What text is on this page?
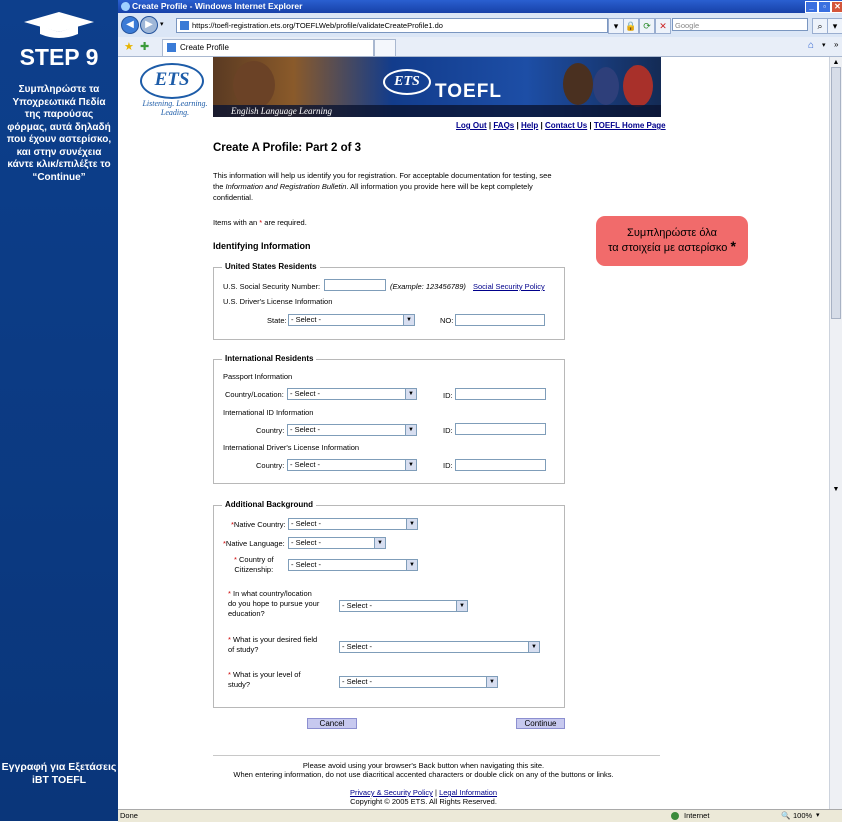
STEP 9
Συμπληρώστε τα Υποχρεωτικά Πεδία της παρούσας φόρμας, αυτά δηλαδή που έχουν αστερίσκο, και στην συνέχεια κάντε κλικ/επιλέξτε το “Continue”
Εγγραφή για Εξετάσεις iBT TOEFL
Create Profile - Windows Internet Explorer	_	▫	✕
◀	▶	▾	https://toefl-registration.ets.org/TOEFLWeb/profile/validateCreateProfile1.do	▾ 🔒 ⟳ ✕	Google	⌕	▾
★ ✚	Create Profile	⌂	▾ »
ETS
Listening. Learning. Leading.
ETS TOEFL
English Language Learning
Log Out | FAQs | Help | Contact Us | TOEFL Home Page
Create A Profile: Part 2 of 3
This information will help us identify you for registration. For acceptable documentation for testing, see
the Information and Registration Bulletin. All information you provide here will be kept completely
confidential.
Items with an * are required.
Identifying Information
United States Residents
U.S. Social Security Number:	(Example: 123456789) Social Security Policy
U.S. Driver's License Information
State: - Select -	▼	NO:
International Residents
Passport Information
Country/Location: - Select -	▼	ID:
International ID Information
Country: - Select -	▼	ID:
International Driver's License Information
Country: - Select -	▼	ID:
Additional Background
*Native Country: - Select -	▼
*Native Language: - Select -	▼
* Country of
Citizenship:
- Select -	▼
* In what country/location
do you hope to pursue your
education?
- Select -	▼
* What is your desired field
of study?	- Select -	▼
* What is your level of
study?	- Select -	▼
Cancel	Continue
Please avoid using your browser's Back button when navigating this site.
When entering information, do not use diacritical accented characters or double click on any of the buttons or links.
Privacy & Security Policy | Legal Information
Copyright © 2005 ETS. All Rights Reserved.
Συμπληρώστε όλα
τα στοιχεία με αστερίσκο *
▲
▼
Done	Internet	🔍 100% ▾
